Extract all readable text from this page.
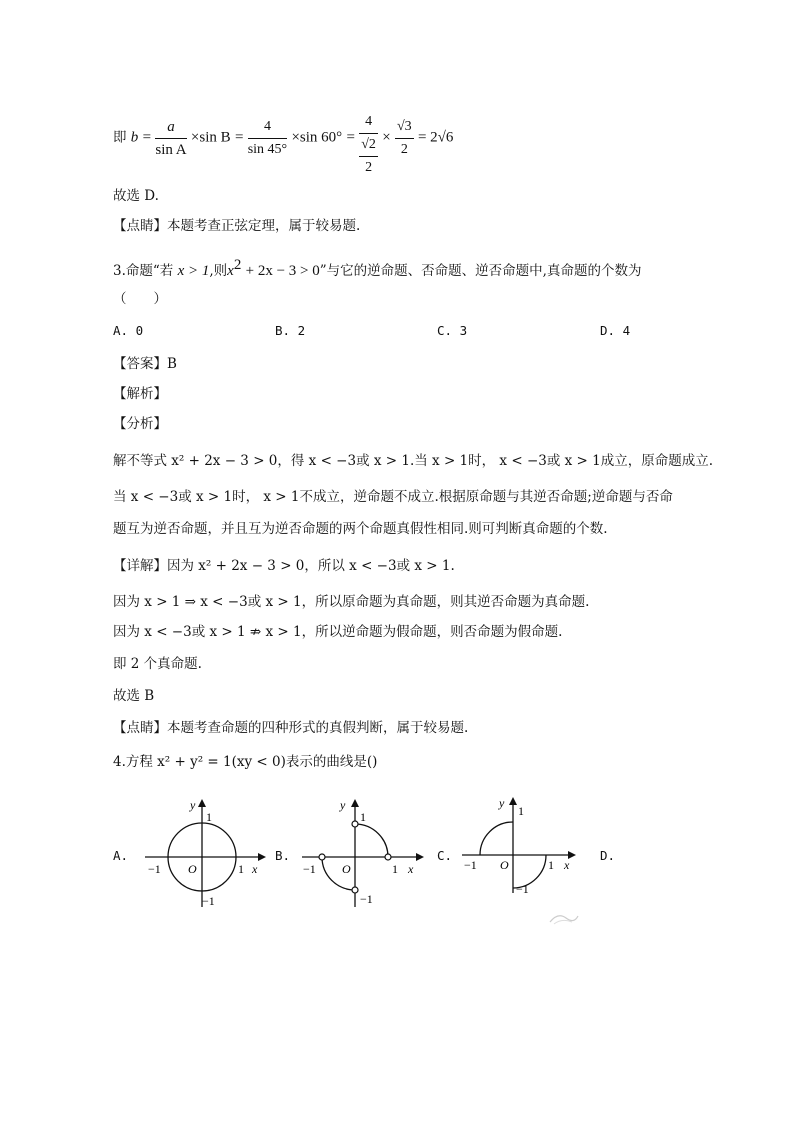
即 $b = \frac{a}{\text{sin A}} \times\sin$ $B = \frac{4}{\sin 45^\circ} \times\sin$ $60^\circ = \frac{4}{\frac{√2}{2}} \times \frac{√3}{2} = 2√6$
故选 D.
【点睛】本题考查正弦定理，属于较易题.
3.命题“若 x > 1,则$x^2 + 2x - 3 > 0$”与它的逆命题、否命题、逆否命题中,真命题的个数为
（　　）
A. 0	B. 2	C. 3	D. 4
【答案】B
【解析】
【分析】
解不等式 x² + 2x − 3 > 0，得 x < −3或 x > 1.当 x > 1时， x < −3或 x > 1成立，原命题成立.
当 x < −3或 x > 1时， x > 1不成立，逆命题不成立.根据原命题与其逆否命题;逆命题与否命
题互为逆否命题，并且互为逆否命题的两个命题真假性相同.则可判断真命题的个数.
【详解】因为 x² + 2x − 3 > 0，所以 x < −3或 x > 1.
因为 x > 1 ⇒ x < −3或 x > 1，所以原命题为真命题，则其逆否命题为真命题.
因为 x < −3或 x > 1 ⇏ x > 1，所以逆命题为假命题，则否命题为假命题.
即 2 个真命题.
故选 B
【点睛】本题考查命题的四种形式的真假判断，属于较易题.
4.方程 x² + y² = 1(xy < 0)表示的曲线是()
A.	B.	C.	D.
y
1
−1 O	1 x
−1
y
1
−1 O	1 x
−1
y
1
−1 O	1 x
−1
